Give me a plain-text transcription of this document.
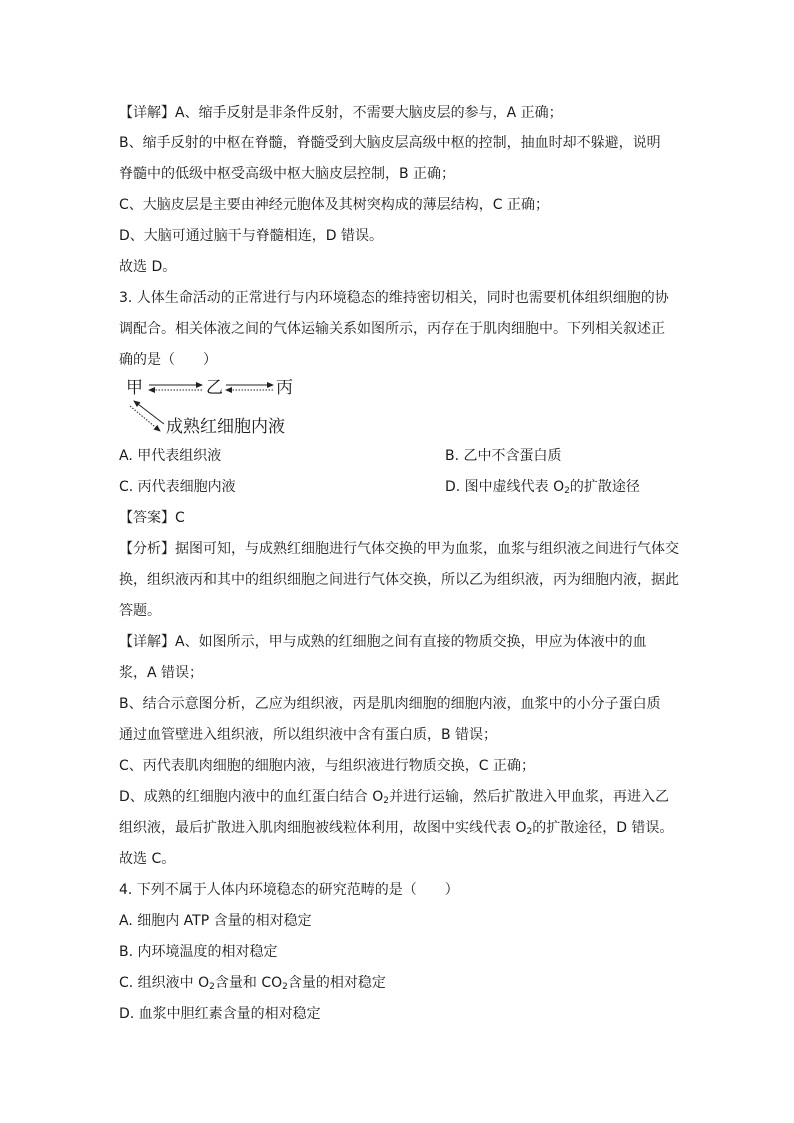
【详解】A、缩手反射是非条件反射，不需要大脑皮层的参与，A 正确；
B、缩手反射的中枢在脊髓，脊髓受到大脑皮层高级中枢的控制，抽血时却不躲避，说明
脊髓中的低级中枢受高级中枢大脑皮层控制，B 正确；
C、大脑皮层是主要由神经元胞体及其树突构成的薄层结构，C 正确；
D、大脑可通过脑干与脊髓相连，D 错误。
故选 D。
3. 人体生命活动的正常进行与内环境稳态的维持密切相关，同时也需要机体组织细胞的协
调配合。相关体液之间的气体运输关系如图所示，丙存在于肌肉细胞中。下列相关叙述正
确的是（　　）
甲	乙	丙
成熟红细胞内液
A. 甲代表组织液	B. 乙中不含蛋白质
C. 丙代表细胞内液	D. 图中虚线代表 $O_2$的扩散途径
【答案】C
【分析】据图可知，与成熟红细胞进行气体交换的甲为血浆，血浆与组织液之间进行气体交
换，组织液丙和其中的组织细胞之间进行气体交换，所以乙为组织液，丙为细胞内液，据此
答题。
【详解】A、如图所示，甲与成熟的红细胞之间有直接的物质交换，甲应为体液中的血
浆，A 错误；
B、结合示意图分析，乙应为组织液，丙是肌肉细胞的细胞内液，血浆中的小分子蛋白质
通过血管壁进入组织液，所以组织液中含有蛋白质，B 错误；
C、丙代表肌肉细胞的细胞内液，与组织液进行物质交换，C 正确；
D、成熟的红细胞内液中的血红蛋白结合 $O_2$并进行运输，然后扩散进入甲血浆，再进入乙
组织液，最后扩散进入肌肉细胞被线粒体利用，故图中实线代表 $O_2$的扩散途径，D 错误。
故选 C。
4. 下列不属于人体内环境稳态的研究范畴的是（　　）
A. 细胞内 ATP 含量的相对稳定
B. 内环境温度的相对稳定
C. 组织液中 $O_2$含量和 $CO_2$含量的相对稳定
D. 血浆中胆红素含量的相对稳定
